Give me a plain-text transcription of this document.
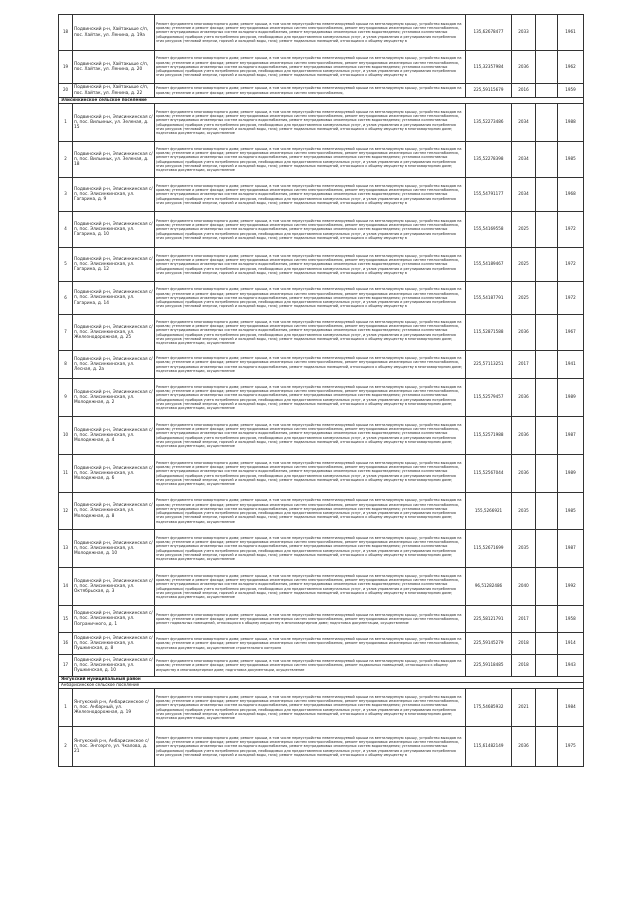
18	Подвинский р-н, Хайтакыше с/п, пос. Хайтак, ул. Ленина, д. 19а	Ремонт фундамента многоквартирного дома; ремонт крыши, в том числе переустройство невентилируемой крыши на вентилируемую крышу, устройство выходов на кровлю; утепление и ремонт фасада; ремонт внутридомовых инженерных систем электроснабжения, ремонт внутридомовых инженерных систем теплоснабжения, ремонт внутридомовых инженерных систем холодного водоснабжения, ремонт внутридомовых инженерных систем водоотведения; установка коллективных (общедомовых) приборов учета потребления ресурсов, необходимых для предоставления коммунальных услуг, и узлов управления и регулирования потребления этих ресурсов (тепловой энергии, горячей и холодной воды, газа); ремонт подвальных помещений, относящихся к общему имуществу в	135,62678477	2033		1961
19	Подвинский р-н, Хайтакыше с/п, пос. Хайтак, ул. Ленина, д. 20	Ремонт фундамента многоквартирного дома; ремонт крыши, в том числе переустройство невентилируемой крыши на вентилируемую крышу, устройство выходов на кровлю; утепление и ремонт фасада; ремонт внутридомовых инженерных систем электроснабжения, ремонт внутридомовых инженерных систем теплоснабжения, ремонт внутридомовых инженерных систем холодного водоснабжения, ремонт внутридомовых инженерных систем водоотведения; установка коллективных (общедомовых) приборов учета потребления ресурсов, необходимых для предоставления коммунальных услуг, и узлов управления и регулирования потребления этих ресурсов (тепловой энергии, горячей и холодной воды, газа); ремонт подвальных помещений, относящихся к общему имуществу в	115,32357984	2036		1962
20	Подвинский р-н, Хайтакыше с/п, пос. Хайтак, ул. Ленина, д. 22	Ремонт фундамента многоквартирного дома; ремонт крыши, в том числе переустройство невентилируемой крыши на вентилируемую крышу, устройство выходов на кровлю; утепление и ремонт фасада; ремонт внутридомовых инженерных систем электроснабжения,	225,59115679	2016		1959
Элисинкинское сельское поселение						
1	Подвинский р-н, Элисинкинская с/п, пос. Вильиньк, ул. Зеленая, д. 15	Ремонт фундамента многоквартирного дома; ремонт крыши, в том числе переустройство невентилируемой крыши на вентилируемую крышу, устройство выходов на кровлю; утепление и ремонт фасада; ремонт внутридомовых инженерных систем электроснабжения, ремонт внутридомовых инженерных систем теплоснабжения, ремонт внутридомовых инженерных систем холодного водоснабжения, ремонт внутридомовых инженерных систем водоотведения; установка коллективных (общедомовых) приборов учета потребления ресурсов, необходимых для предоставления коммунальных услуг, и узлов управления и регулирования потребления этих ресурсов (тепловой энергии, горячей и холодной воды, газа); ремонт подвальных помещений, относящихся к общему имуществу в многоквартирном доме; подготовка документации, осуществление	135,52273486	2034		1988
2	Подвинский р-н, Элисинкинская с/п, пос. Вильиньк, ул. Зеленая, д. 18	Ремонт фундамента многоквартирного дома; ремонт крыши, в том числе переустройство невентилируемой крыши на вентилируемую крышу, устройство выходов на кровлю; утепление и ремонт фасада; ремонт внутридомовых инженерных систем электроснабжения, ремонт внутридомовых инженерных систем теплоснабжения, ремонт внутридомовых инженерных систем холодного водоснабжения, ремонт внутридомовых инженерных систем водоотведения; установка коллективных (общедомовых) приборов учета потребления ресурсов, необходимых для предоставления коммунальных услуг, и узлов управления и регулирования потребления этих ресурсов (тепловой энергии, горячей и холодной воды, газа); ремонт подвальных помещений, относящихся к общему имуществу в многоквартирном доме; подготовка документации, осуществление	135,52278398	2034		1985
3	Подвинский р-н, Элисинкинская с/п, пос. Элисинкинская, ул. Гагарина, д. 9	Ремонт фундамента многоквартирного дома; ремонт крыши, в том числе переустройство невентилируемой крыши на вентилируемую крышу, устройство выходов на кровлю; утепление и ремонт фасада; ремонт внутридомовых инженерных систем электроснабжения, ремонт внутридомовых инженерных систем теплоснабжения, ремонт внутридомовых инженерных систем холодного водоснабжения, ремонт внутридомовых инженерных систем водоотведения; установка коллективных (общедомовых) приборов учета потребления ресурсов, необходимых для предоставления коммунальных услуг, и узлов управления и регулирования потребления этих ресурсов (тепловой энергии, горячей и холодной воды, газа); ремонт подвальных помещений, относящихся к общему имуществу в	155,54791177	2034		1968
4	Подвинский р-н, Элисинкинская с/п, пос. Элисинкинская, ул. Гагарина, д. 10	Ремонт фундамента многоквартирного дома; ремонт крыши, в том числе переустройство невентилируемой крыши на вентилируемую крышу, устройство выходов на кровлю; утепление и ремонт фасада; ремонт внутридомовых инженерных систем электроснабжения, ремонт внутридомовых инженерных систем теплоснабжения, ремонт внутридомовых инженерных систем холодного водоснабжения, ремонт внутридомовых инженерных систем водоотведения; установка коллективных (общедомовых) приборов учета потребления ресурсов, необходимых для предоставления коммунальных услуг, и узлов управления и регулирования потребления этих ресурсов (тепловой энергии, горячей и холодной воды, газа); ремонт подвальных помещений, относящихся к общему имуществу в	155,54169558	2025		1972
5	Подвинский р-н, Элисинкинская с/п, пос. Элисинкинская, ул. Гагарина, д. 12	Ремонт фундамента многоквартирного дома; ремонт крыши, в том числе переустройство невентилируемой крыши на вентилируемую крышу, устройство выходов на кровлю; утепление и ремонт фасада; ремонт внутридомовых инженерных систем электроснабжения, ремонт внутридомовых инженерных систем теплоснабжения, ремонт внутридомовых инженерных систем холодного водоснабжения, ремонт внутридомовых инженерных систем водоотведения; установка коллективных (общедомовых) приборов учета потребления ресурсов, необходимых для предоставления коммунальных услуг, и узлов управления и регулирования потребления этих ресурсов (тепловой энергии, горячей и холодной воды, газа); ремонт подвальных помещений, относящихся к общему имуществу в	155,54189467	2025		1972
6	Подвинский р-н, Элисинкинская с/п, пос. Элисинкинская, ул. Гагарина, д. 14	Ремонт фундамента многоквартирного дома; ремонт крыши, в том числе переустройство невентилируемой крыши на вентилируемую крышу, устройство выходов на кровлю; утепление и ремонт фасада; ремонт внутридомовых инженерных систем электроснабжения, ремонт внутридомовых инженерных систем теплоснабжения, ремонт внутридомовых инженерных систем холодного водоснабжения, ремонт внутридомовых инженерных систем водоотведения; установка коллективных (общедомовых) приборов учета потребления ресурсов, необходимых для предоставления коммунальных услуг, и узлов управления и регулирования потребления этих ресурсов (тепловой энергии, горячей и холодной воды, газа); ремонт подвальных помещений, относящихся к общему имуществу в	155,54187791	2025		1972
7	Подвинский р-н, Элисинкинская с/п, пос. Элисинкинская, ул. Железнодорожная, д. 25	Ремонт фундамента многоквартирного дома; ремонт крыши, в том числе переустройство невентилируемой крыши на вентилируемую крышу, устройство выходов на кровлю; утепление и ремонт фасада; ремонт внутридомовых инженерных систем электроснабжения, ремонт внутридомовых инженерных систем теплоснабжения, ремонт внутридомовых инженерных систем холодного водоснабжения, ремонт внутридомовых инженерных систем водоотведения; установка коллективных (общедомовых) приборов учета потребления ресурсов, необходимых для предоставления коммунальных услуг, и узлов управления и регулирования потребления этих ресурсов (тепловой энергии, горячей и холодной воды, газа); ремонт подвальных помещений, относящихся к общему имуществу в многоквартирном доме; подготовка документации, осуществление	115,52871588	2036		1967
8	Подвинский р-н, Элисинкинская с/п, пос. Элисинкинская, ул. Лесная, д. 2а	Ремонт фундамента многоквартирного дома; ремонт крыши, в том числе переустройство невентилируемой крыши на вентилируемую крышу, устройство выходов на кровлю; утепление и ремонт фасада; ремонт внутридомовых инженерных систем электроснабжения, ремонт внутридомовых инженерных систем теплоснабжения, ремонт внутридомовых инженерных систем холодного водоснабжения, ремонт подвальных помещений, относящихся к общему имуществу в многоквартирном доме; подготовка документации, осуществление	225,57113251	2017		1941
9	Подвинский р-н, Элисинкинская с/п, пос. Элисинкинская, ул. Молодежная, д. 2	Ремонт фундамента многоквартирного дома; ремонт крыши, в том числе переустройство невентилируемой крыши на вентилируемую крышу, устройство выходов на кровлю; утепление и ремонт фасада; ремонт внутридомовых инженерных систем электроснабжения, ремонт внутридомовых инженерных систем теплоснабжения, ремонт внутридомовых инженерных систем холодного водоснабжения, ремонт внутридомовых инженерных систем водоотведения; установка коллективных (общедомовых) приборов учета потребления ресурсов, необходимых для предоставления коммунальных услуг, и узлов управления и регулирования потребления этих ресурсов (тепловой энергии, горячей и холодной воды, газа); ремонт подвальных помещений, относящихся к общему имуществу в многоквартирном доме; подготовка документации, осуществление	115,52579457	2036		1989
10	Подвинский р-н, Элисинкинская с/п, пос. Элисинкинская, ул. Молодежная, д. 4	Ремонт фундамента многоквартирного дома; ремонт крыши, в том числе переустройство невентилируемой крыши на вентилируемую крышу, устройство выходов на кровлю; утепление и ремонт фасада; ремонт внутридомовых инженерных систем электроснабжения, ремонт внутридомовых инженерных систем теплоснабжения, ремонт внутридомовых инженерных систем холодного водоснабжения, ремонт внутридомовых инженерных систем водоотведения; установка коллективных (общедомовых) приборов учета потребления ресурсов, необходимых для предоставления коммунальных услуг, и узлов управления и регулирования потребления этих ресурсов (тепловой энергии, горячей и холодной воды, газа); ремонт подвальных помещений, относящихся к общему имуществу в многоквартирном доме; подготовка документации, осуществление	115,52571988	2036		1987
11	Подвинский р-н, Элисинкинская с/п, пос. Элисинкинская, ул. Молодежная, д. 6	Ремонт фундамента многоквартирного дома; ремонт крыши, в том числе переустройство невентилируемой крыши на вентилируемую крышу, устройство выходов на кровлю; утепление и ремонт фасада; ремонт внутридомовых инженерных систем электроснабжения, ремонт внутридомовых инженерных систем теплоснабжения, ремонт внутридомовых инженерных систем холодного водоснабжения, ремонт внутридомовых инженерных систем водоотведения; установка коллективных (общедомовых) приборов учета потребления ресурсов, необходимых для предоставления коммунальных услуг, и узлов управления и регулирования потребления этих ресурсов (тепловой энергии, горячей и холодной воды, газа); ремонт подвальных помещений, относящихся к общему имуществу в многоквартирном доме; подготовка документации, осуществление	115,52567044	2036		1989
12	Подвинский р-н, Элисинкинская с/п, пос. Элисинкинская, ул. Молодежная, д. 8	Ремонт фундамента многоквартирного дома; ремонт крыши, в том числе переустройство невентилируемой крыши на вентилируемую крышу, устройство выходов на кровлю; утепление и ремонт фасада; ремонт внутридомовых инженерных систем электроснабжения, ремонт внутридомовых инженерных систем теплоснабжения, ремонт внутридомовых инженерных систем холодного водоснабжения, ремонт внутридомовых инженерных систем водоотведения; установка коллективных (общедомовых) приборов учета потребления ресурсов, необходимых для предоставления коммунальных услуг, и узлов управления и регулирования потребления этих ресурсов (тепловой энергии, горячей и холодной воды, газа); ремонт подвальных помещений, относящихся к общему имуществу в многоквартирном доме; подготовка документации, осуществление	155,5266921	2035		1985
13	Подвинский р-н, Элисинкинская с/п, пос. Элисинкинская, ул. Молодежная, д. 10	Ремонт фундамента многоквартирного дома; ремонт крыши, в том числе переустройство невентилируемой крыши на вентилируемую крышу, устройство выходов на кровлю; утепление и ремонт фасада; ремонт внутридомовых инженерных систем электроснабжения, ремонт внутридомовых инженерных систем теплоснабжения, ремонт внутридомовых инженерных систем холодного водоснабжения, ремонт внутридомовых инженерных систем водоотведения; установка коллективных (общедомовых) приборов учета потребления ресурсов, необходимых для предоставления коммунальных услуг, и узлов управления и регулирования потребления этих ресурсов (тепловой энергии, горячей и холодной воды, газа); ремонт подвальных помещений, относящихся к общему имуществу в многоквартирном доме; подготовка документации, осуществление	115,52671699	2035		1987
14	Подвинский р-н, Элисинкинская с/п, пос. Элисинкинская, ул. Октябрьская, д. 3	Ремонт фундамента многоквартирного дома; ремонт крыши, в том числе переустройство невентилируемой крыши на вентилируемую крышу, устройство выходов на кровлю; утепление и ремонт фасада; ремонт внутридомовых инженерных систем электроснабжения, ремонт внутридомовых инженерных систем теплоснабжения, ремонт внутридомовых инженерных систем холодного водоснабжения, ремонт внутридомовых инженерных систем водоотведения; установка коллективных (общедомовых) приборов учета потребления ресурсов, необходимых для предоставления коммунальных услуг, и узлов управления и регулирования потребления этих ресурсов (тепловой энергии, горячей и холодной воды, газа); ремонт подвальных помещений, относящихся к общему имуществу в многоквартирном доме; подготовка документации, осуществление	96,51282486	2040		1992
15	Подвинский р-н, Элисинкинская с/п, пос. Элисинкинская, ул. Пограничного, д. 1	Ремонт фундамента многоквартирного дома; ремонт крыши, в том числе переустройство невентилируемой крыши на вентилируемую крышу, устройство выходов на кровлю; утепление и ремонт фасада; ремонт внутридомовых инженерных систем электроснабжения, ремонт внутридомовых инженерных систем теплоснабжения, ремонт подвальных помещений, относящихся к общему имуществу в многоквартирном доме; подготовка документации, осуществление	225,58121791	2017		1958
16	Подвинский р-н, Элисинкинская с/п, пос. Элисинкинская, ул. Пушкинская, д. 8	Ремонт фундамента многоквартирного дома; ремонт крыши, в том числе переустройство невентилируемой крыши на вентилируемую крышу, устройство выходов на кровлю; утепление и ремонт фасада; ремонт внутридомовых инженерных систем электроснабжения, ремонт внутридомовых инженерных систем теплоснабжения, подготовка документации, осуществление строительного контроля	225,59145279	2018		1914
17	Подвинский р-н, Элисинкинская с/п, пос. Элисинкинская, ул. Пушкинская, д. 10	Ремонт фундамента многоквартирного дома; ремонт крыши, в том числе переустройство невентилируемой крыши на вентилируемую крышу, устройство выходов на кровлю; утепление и ремонт фасада; ремонт внутридомовых инженерных систем электроснабжения, ремонт подвальных помещений, относящихся к общему имуществу в многоквартирном доме; подготовка документации, осуществление	225,59118485	2018		1943
Янгукский муниципальный район						
Анбарисинское сельское поселение						
1	Янгукский р-н, Анбарисинское с/п, пос. Анбарный, ул. Железнодорожная, д. 19	Ремонт фундамента многоквартирного дома; ремонт крыши, в том числе переустройство невентилируемой крыши на вентилируемую крышу, устройство выходов на кровлю; утепление и ремонт фасада; ремонт внутридомовых инженерных систем электроснабжения, ремонт внутридомовых инженерных систем теплоснабжения, ремонт внутридомовых инженерных систем холодного водоснабжения, ремонт внутридомовых инженерных систем водоотведения; установка коллективных (общедомовых) приборов учета потребления ресурсов, необходимых для предоставления коммунальных услуг, и узлов управления и регулирования потребления этих ресурсов (тепловой энергии, горячей и холодной воды, газа); ремонт подвальных помещений, относящихся к общему имуществу в многоквартирном доме; подготовка документации, осуществление	175,54685932	2021		1984
2	Янгукский р-н, Анбарисинское с/п, пос. Энгоэрге, ул. Чкалова, д. 21	Ремонт фундамента многоквартирного дома; ремонт крыши, в том числе переустройство невентилируемой крыши на вентилируемую крышу, устройство выходов на кровлю; утепление и ремонт фасада; ремонт внутридомовых инженерных систем электроснабжения, ремонт внутридомовых инженерных систем теплоснабжения, ремонт внутридомовых инженерных систем холодного водоснабжения, ремонт внутридомовых инженерных систем водоотведения; установка коллективных (общедомовых) приборов учета потребления ресурсов, необходимых для предоставления коммунальных услуг, и узлов управления и регулирования потребления этих ресурсов (тепловой энергии, горячей и холодной воды, газа); ремонт подвальных помещений, относящихся к общему имуществу в	115,61482149	2036		1975
